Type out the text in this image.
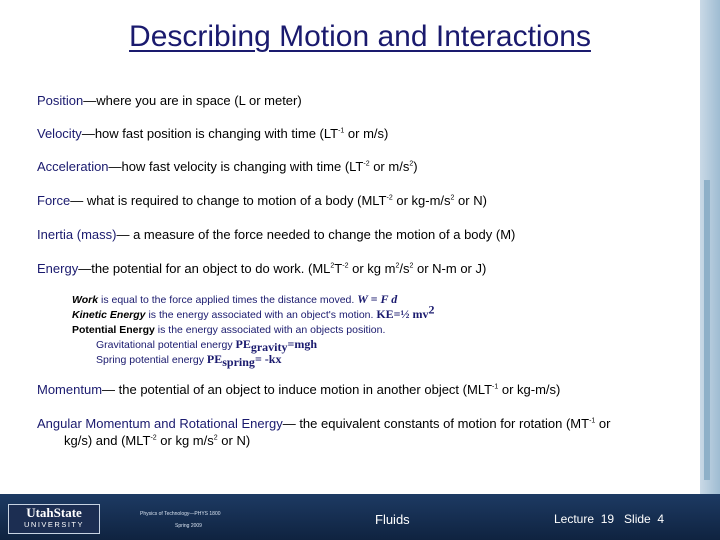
Describing Motion and Interactions
Position—where you are in space (L or meter)
Velocity—how fast position is changing with time ($LT^{-1}$ or m/s)
Acceleration—how fast velocity is changing with time ($LT^{-2}$ or $m/s^2$)
Force— what is required to change to motion of a body ($MLT^{-2}$ or $kg-m/s^2$ or N)
Inertia (mass)— a measure of the force needed to change the motion of a body (M)
Energy—the potential for an object to do work. ($ML^2T^{-2}$ or kg $m^2/s^2$ or N-m or J)
Work is equal to the force applied times the distance moved. W = F d
Kinetic Energy is the energy associated with an object's motion. KE=½ $mv^2$
Potential Energy is the energy associated with an objects position.
Gravitational potential energy $PE_{gravity}=mgh$
Spring potential energy $PE_{spring}= -kx$
Momentum— the potential of an object to induce motion in another object ($MLT^{-1}$ or kg-m/s)
Angular Momentum and Rotational Energy— the equivalent constants of motion for rotation ($MT^{-1}$ or
kg/s) and ($MLT^{-2}$ or kg $m/s^2$ or N)
UtahState
UNIVERSITY
Physics of Technology—PHYS 1800
Spring 2009	Fluids	Lecture  19   Slide  4
